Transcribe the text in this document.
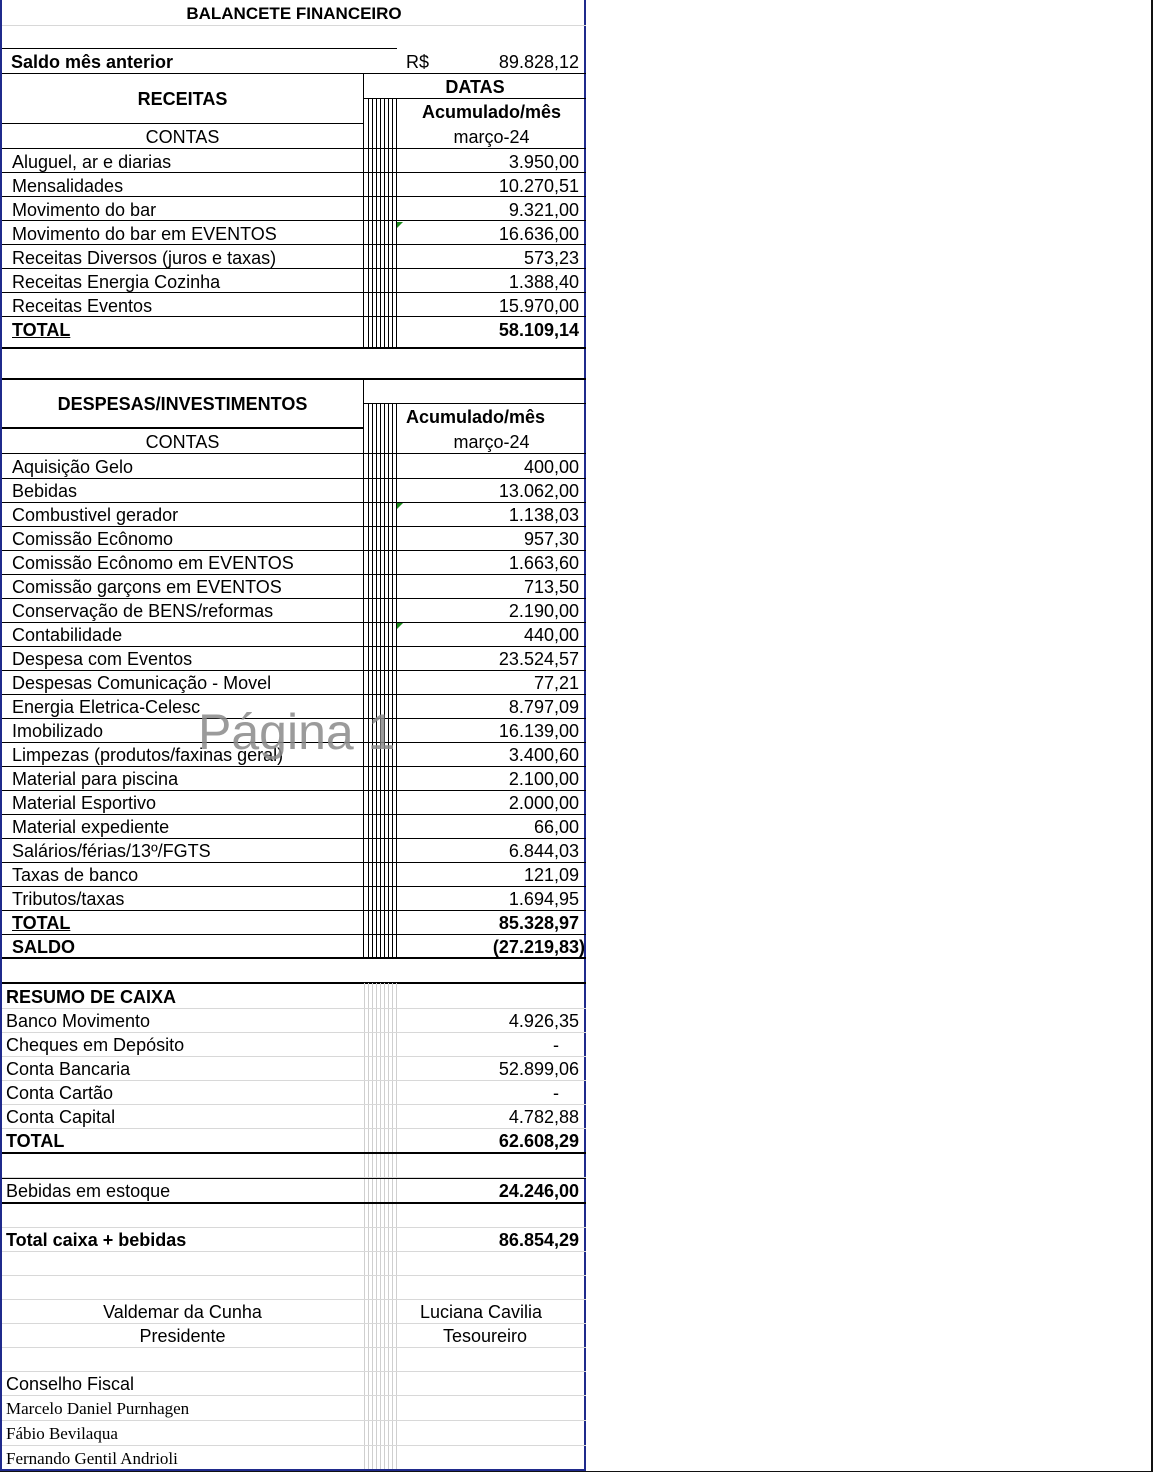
BALANCETE FINANCEIRO
Saldo mês anterior	R$	89.828,12
RECEITAS
DATAS
Acumulado/mês
CONTAS	março-24
Aluguel, ar e diarias	3.950,00
Mensalidades	10.270,51
Movimento do bar	9.321,00
Movimento do bar em EVENTOS	16.636,00
Receitas Diversos (juros e taxas)	573,23
Receitas Energia Cozinha	1.388,40
Receitas Eventos	15.970,00
TOTAL	58.109,14
DESPESAS/INVESTIMENTOS
Acumulado/mês
CONTAS	março-24
Aquisição Gelo	400,00
Bebidas	13.062,00
Combustivel gerador	1.138,03
Comissão Ecônomo	957,30
Comissão Ecônomo em EVENTOS	1.663,60
Comissão garçons em EVENTOS	713,50
Conservação de BENS/reformas	2.190,00
Contabilidade	440,00
Despesa com Eventos	23.524,57
Despesas Comunicação - Movel	77,21
Energia Eletrica-Celesc	8.797,09
Imobilizado	16.139,00
Limpezas (produtos/faxinas geral)	3.400,60
Material para piscina	2.100,00
Material Esportivo	2.000,00
Material expediente	66,00
Salários/férias/13º/FGTS	6.844,03
Taxas de banco	121,09
Tributos/taxas	1.694,95
TOTAL	85.328,97
SALDO	(27.219,83)
RESUMO DE CAIXA
Banco Movimento	4.926,35
Cheques em Depósito	-
Conta Bancaria	52.899,06
Conta Cartão	-
Conta Capital	4.782,88
TOTAL	62.608,29
Bebidas em estoque	24.246,00
Total caixa + bebidas	86.854,29
Valdemar da Cunha	Luciana Cavilia
Presidente	Tesoureiro
Conselho Fiscal
Marcelo Daniel Purnhagen
Fábio Bevilaqua
Fernando Gentil Andrioli
Página 1
